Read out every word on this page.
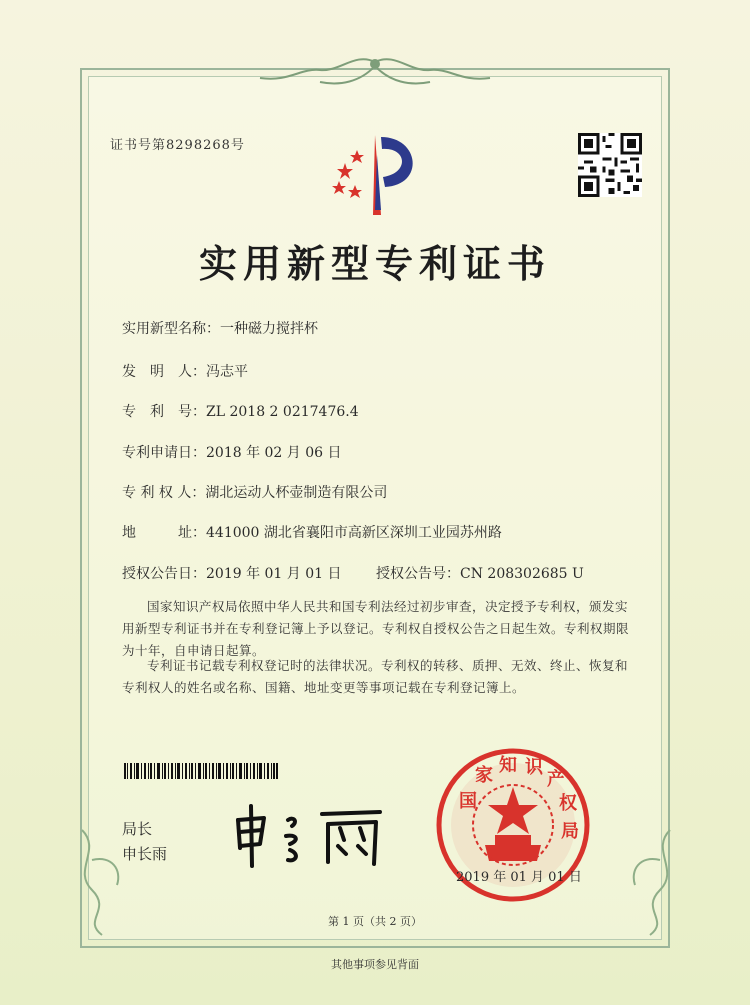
证书号第8298268号
实用新型专利证书
实用新型名称：一种磁力搅拌杯
发　明　人：冯志平
专　利　号：ZL 2018 2 0217476.4
专利申请日：2018 年 02 月 06 日
专 利 权 人：湖北运动人杯壶制造有限公司
地　　　址：441000 湖北省襄阳市高新区深圳工业园苏州路
授权公告日：2019 年 01 月 01 日 授权公告号：CN 208302685 U
国家知识产权局依照中华人民共和国专利法经过初步审查，决定授予专利权，颁发实用新型专利证书并在专利登记簿上予以登记。专利权自授权公告之日起生效。专利权期限为十年，自申请日起算。
专利证书记载专利权登记时的法律状况。专利权的转移、质押、无效、终止、恢复和专利权人的姓名或名称、国籍、地址变更等事项记载在专利登记簿上。
局长
申长雨
国
家 知 识
产
权
局
2019 年 01 月 01 日
第 1 页（共 2 页）
其他事项参见背面
